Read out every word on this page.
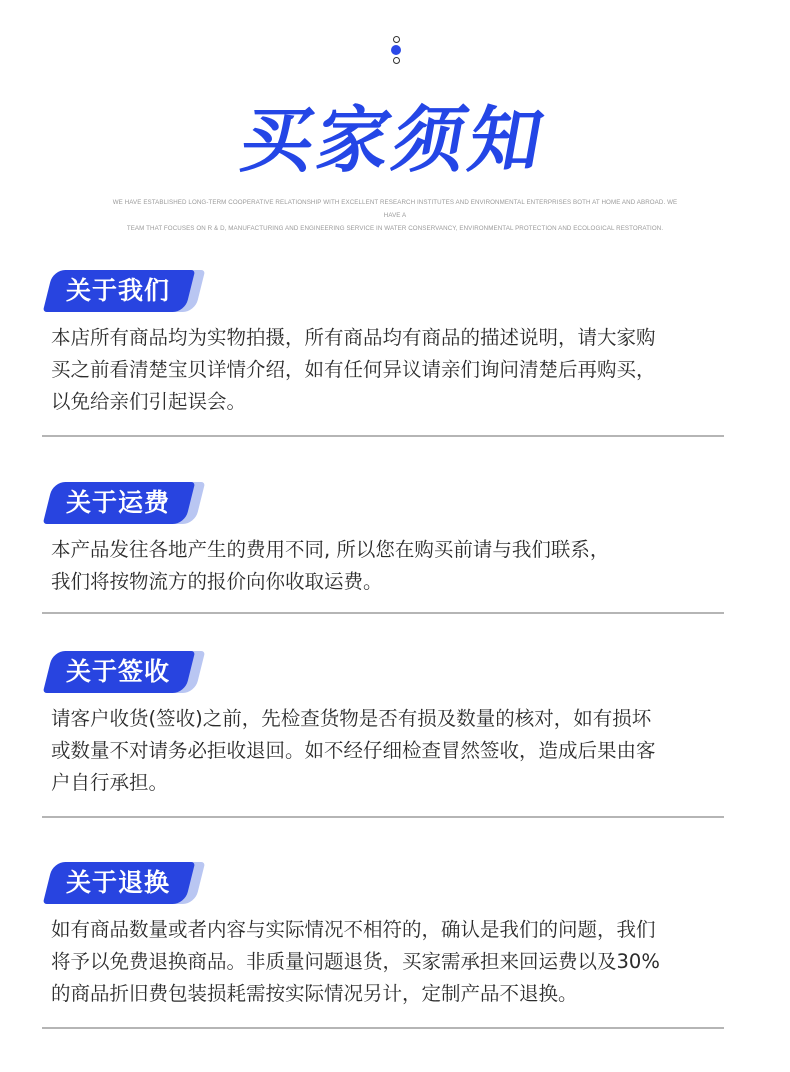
买家须知
WE HAVE ESTABLISHED LONG-TERM COOPERATIVE RELATIONSHIP WITH EXCELLENT RESEARCH INSTITUTES AND ENVIRONMENTAL ENTERPRISES BOTH AT HOME AND ABROAD. WE HAVE A
TEAM THAT FOCUSES ON R & D, MANUFACTURING AND ENGINEERING SERVICE IN WATER CONSERVANCY, ENVIRONMENTAL PROTECTION AND ECOLOGICAL RESTORATION.
关于我们
本店所有商品均为实物拍摄，所有商品均有商品的描述说明，请大家购
买之前看清楚宝贝详情介绍，如有任何异议请亲们询问清楚后再购买，
以免给亲们引起误会。
关于运费
本产品发往各地产生的费用不同, 所以您在购买前请与我们联系，
我们将按物流方的报价向你收取运费。
关于签收
请客户收货(签收)之前，先检查货物是否有损及数量的核对，如有损坏
或数量不对请务必拒收退回。如不经仔细检查冒然签收，造成后果由客
户自行承担。
关于退换
如有商品数量或者内容与实际情况不相符的，确认是我们的问题，我们
将予以免费退换商品。非质量问题退货，买家需承担来回运费以及30%
的商品折旧费包装损耗需按实际情况另计，定制产品不退换。
